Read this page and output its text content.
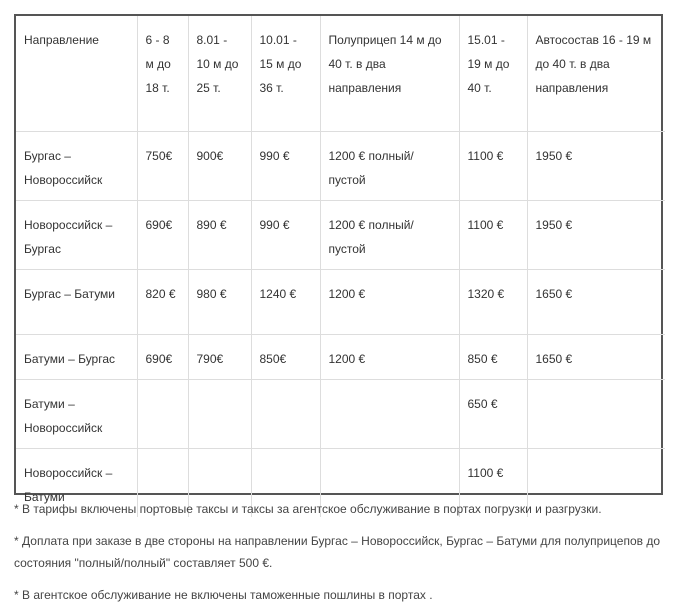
Направление	6 - 8 м до 18 т.	8.01 - 10 м до 25 т.	10.01 - 15 м до 36 т.	Полуприцеп 14 м до 40 т. в два направления	15.01 - 19 м до 40 т.	Автосостав 16 - 19 м до 40 т. в два направления
Бургас – Новороссийск	750€	900€	990 €	1200 € полный/пустой	1100 €	1950 €
Новороссийск – Бургас	690€	890 €	990 €	1200 € полный/пустой	1100 €	1950 €
Бургас – Батуми	820 €	980 €	1240 €	1200 €	1320 €	1650 €
Батуми – Бургас	690€	790€	850€	1200 €	850 €	1650 €
Батуми – Новороссийск					650 €	
Новороссийск – Батуми					1100 €	

* В тарифы включены портовые таксы и таксы за агентское обслуживание в портах погрузки и разгрузки.

* Доплата при заказе в две стороны на направлении Бургас – Новороссийск, Бургас – Батуми для полуприцепов до состояния "полный/полный" составляет 500 €.

* В агентское обслуживание не включены таможенные пошлины в портах .
